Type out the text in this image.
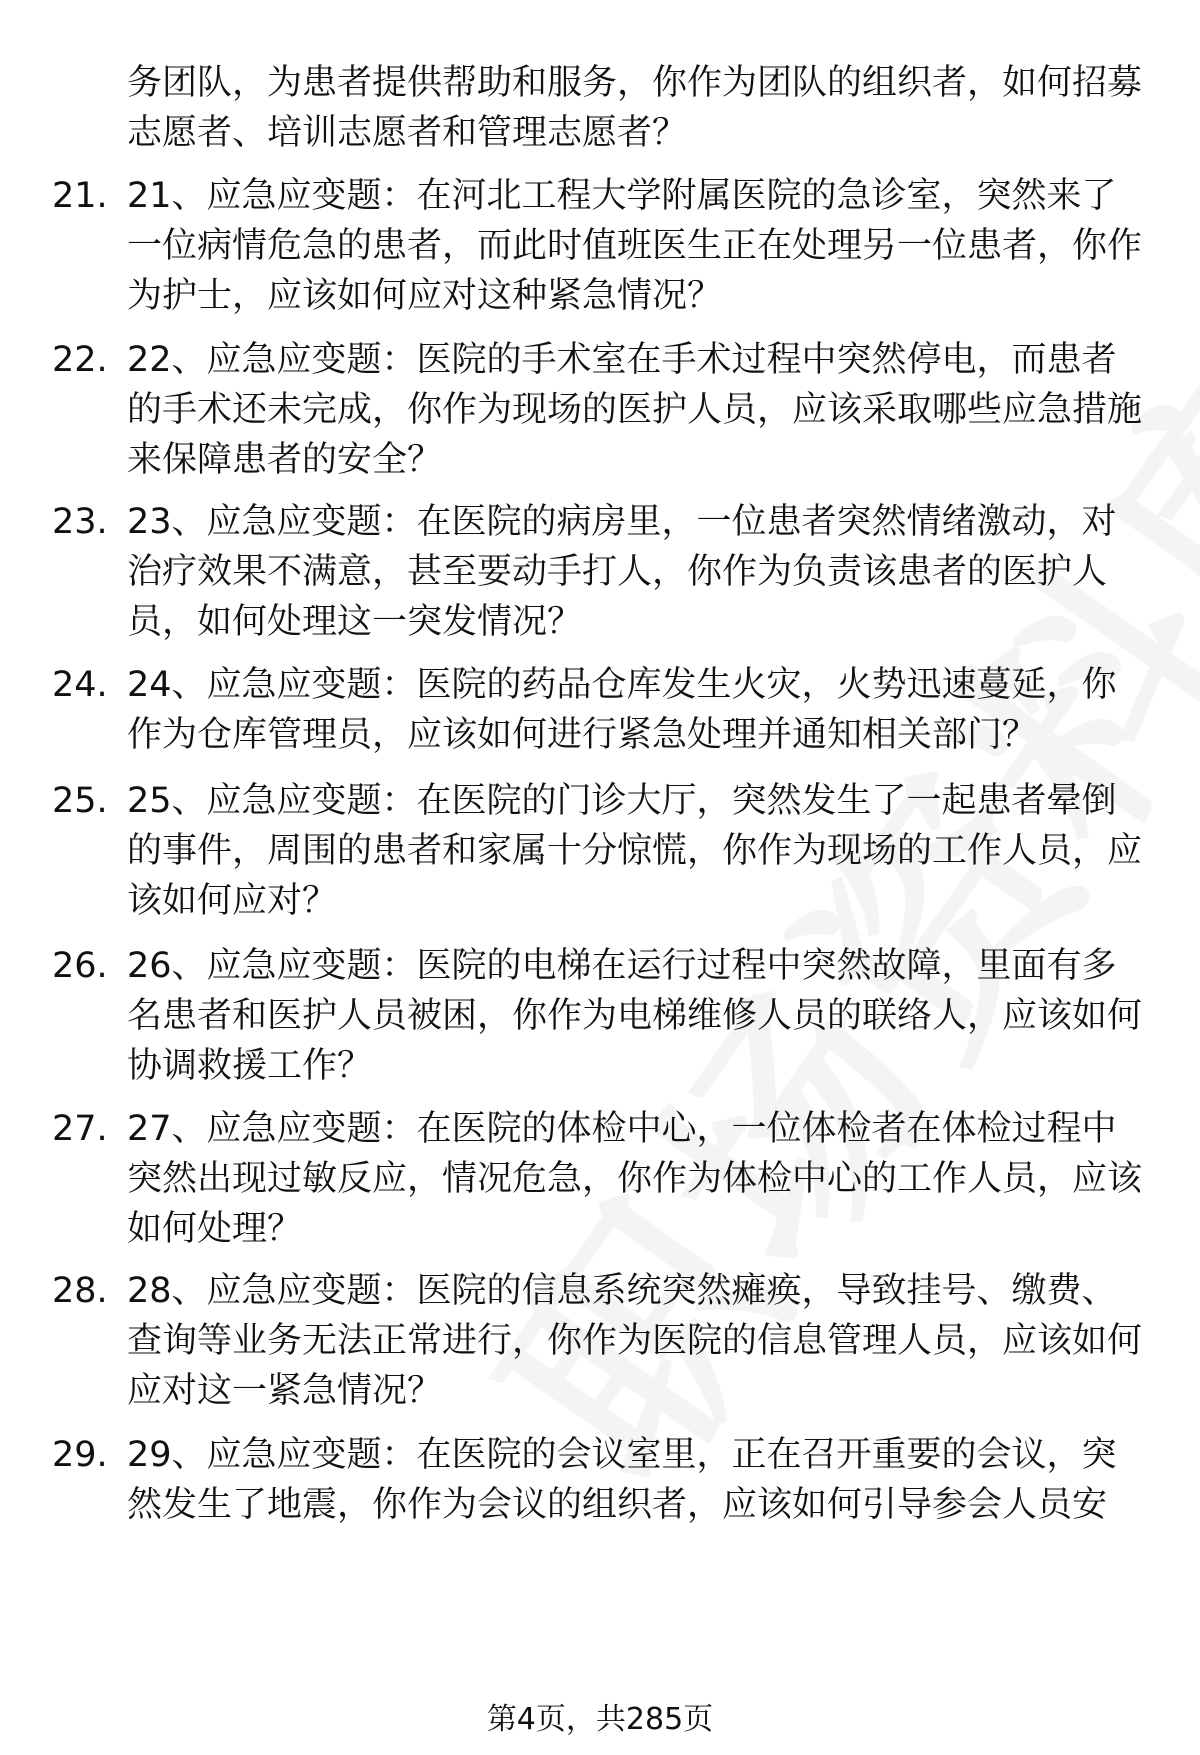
务团队，为患者提供帮助和服务，你作为团队的组织者，如何招募志愿者、培训志愿者和管理志愿者？
21. 21、应急应变题：在河北工程大学附属医院的急诊室，突然来了一位病情危急的患者，而此时值班医生正在处理另一位患者，你作为护士，应该如何应对这种紧急情况？
22. 22、应急应变题：医院的手术室在手术过程中突然停电，而患者的手术还未完成，你作为现场的医护人员，应该采取哪些应急措施来保障患者的安全？
23. 23、应急应变题：在医院的病房里，一位患者突然情绪激动，对治疗效果不满意，甚至要动手打人，你作为负责该患者的医护人员，如何处理这一突发情况？
24. 24、应急应变题：医院的药品仓库发生火灾，火势迅速蔓延，你作为仓库管理员，应该如何进行紧急处理并通知相关部门？
25. 25、应急应变题：在医院的门诊大厅，突然发生了一起患者晕倒的事件，周围的患者和家属十分惊慌，你作为现场的工作人员，应该如何应对？
26. 26、应急应变题：医院的电梯在运行过程中突然故障，里面有多名患者和医护人员被困，你作为电梯维修人员的联络人，应该如何协调救援工作？
27. 27、应急应变题：在医院的体检中心，一位体检者在体检过程中突然出现过敏反应，情况危急，你作为体检中心的工作人员，应该如何处理？
28. 28、应急应变题：医院的信息系统突然瘫痪，导致挂号、缴费、查询等业务无法正常进行，你作为医院的信息管理人员，应该如何应对这一紧急情况？
29. 29、应急应变题：在医院的会议室里，正在召开重要的会议，突然发生了地震，你作为会议的组织者，应该如何引导参会人员安
第4页，共285页
